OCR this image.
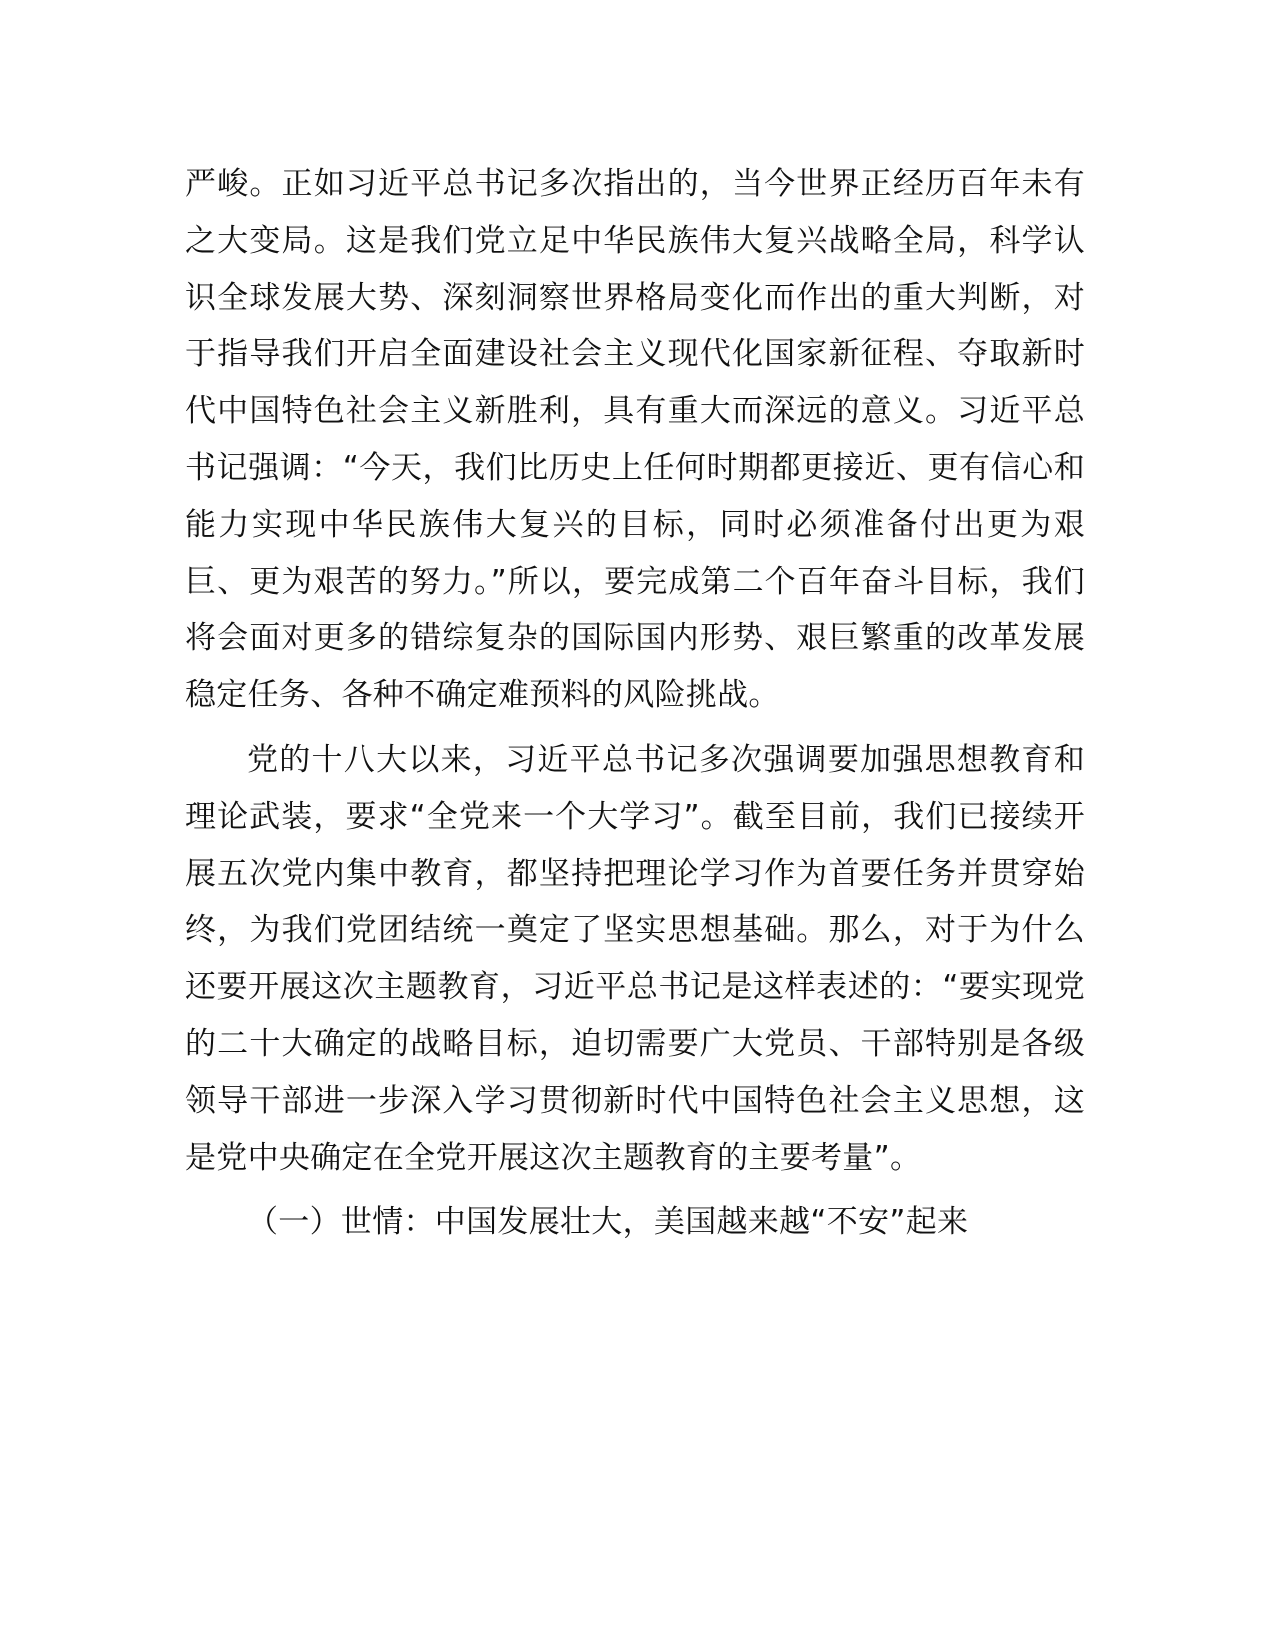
严峻。正如习近平总书记多次指出的，当今世界正经历百年未有之大变局。这是我们党立足中华民族伟大复兴战略全局，科学认识全球发展大势、深刻洞察世界格局变化而作出的重大判断，对于指导我们开启全面建设社会主义现代化国家新征程、夺取新时代中国特色社会主义新胜利，具有重大而深远的意义。习近平总书记强调：“今天，我们比历史上任何时期都更接近、更有信心和能力实现中华民族伟大复兴的目标，同时必须准备付出更为艰巨、更为艰苦的努力。”所以，要完成第二个百年奋斗目标，我们将会面对更多的错综复杂的国际国内形势、艰巨繁重的改革发展稳定任务、各种不确定难预料的风险挑战。

党的十八大以来，习近平总书记多次强调要加强思想教育和理论武装，要求“全党来一个大学习”。截至目前，我们已接续开展五次党内集中教育，都坚持把理论学习作为首要任务并贯穿始终，为我们党团结统一奠定了坚实思想基础。那么，对于为什么还要开展这次主题教育，习近平总书记是这样表述的：“要实现党的二十大确定的战略目标，迫切需要广大党员、干部特别是各级领导干部进一步深入学习贯彻新时代中国特色社会主义思想，这是党中央确定在全党开展这次主题教育的主要考量”。

（一）世情：中国发展壮大，美国越来越“不安”起来
